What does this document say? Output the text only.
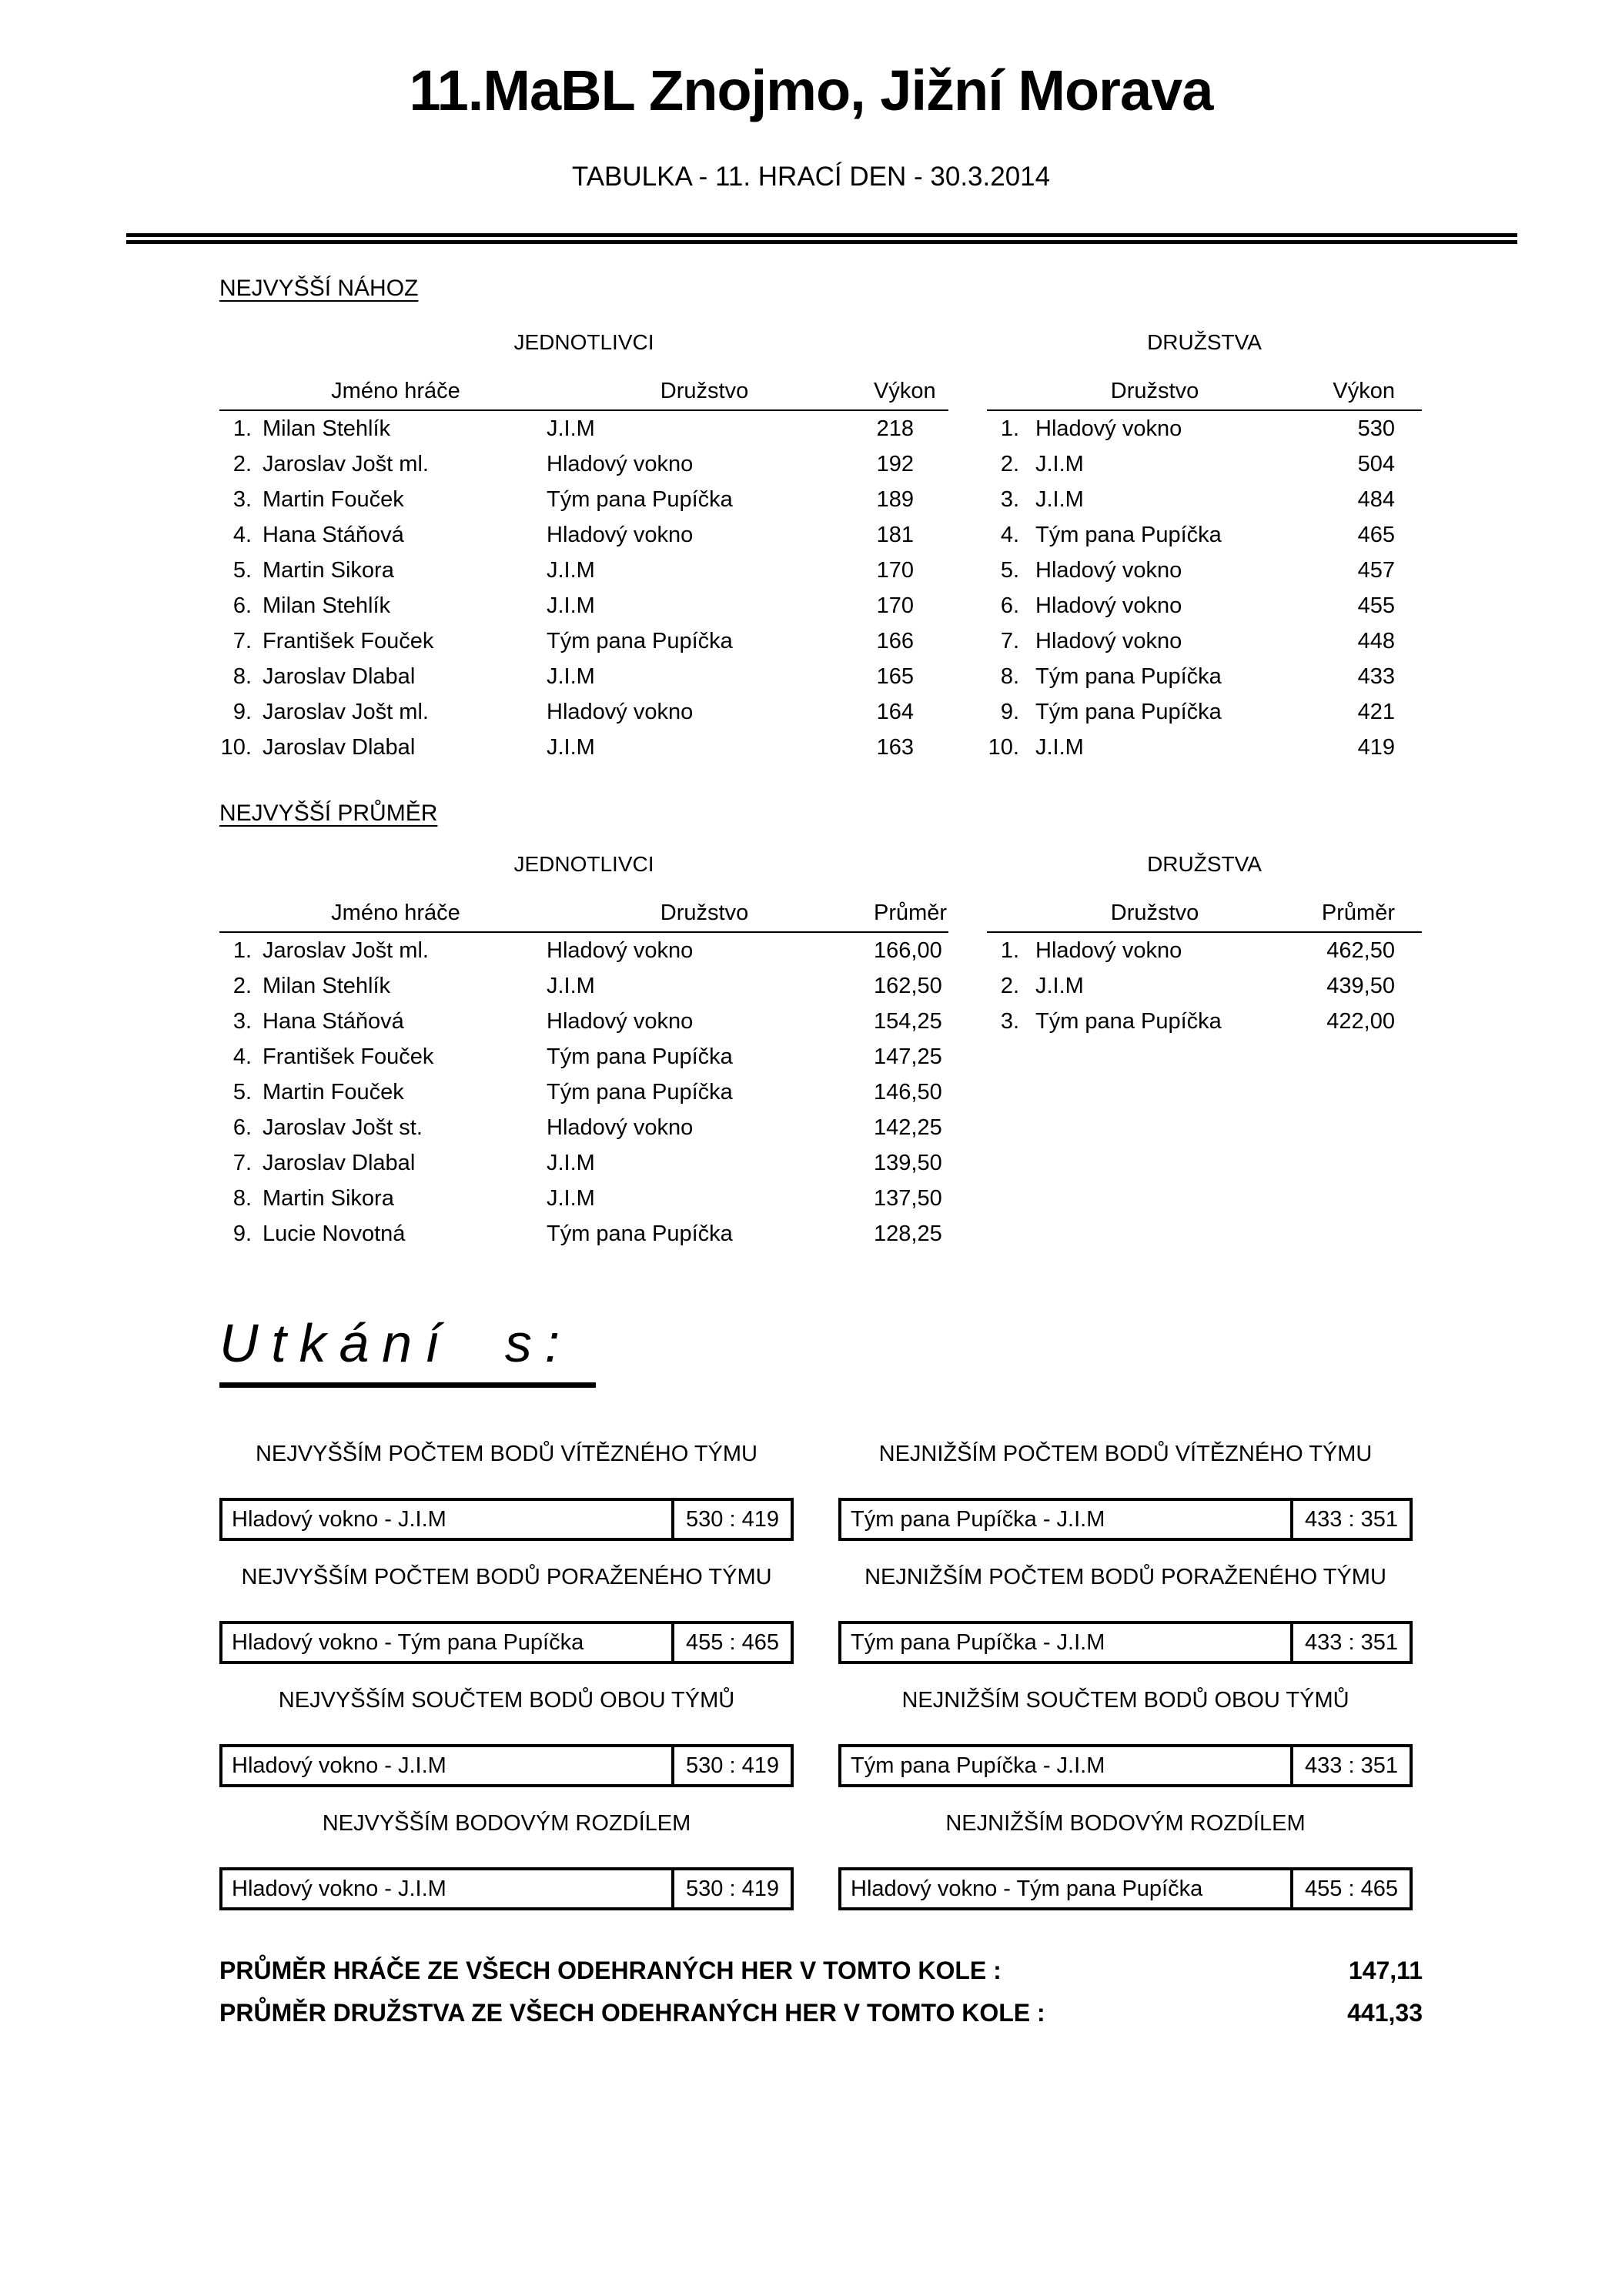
11.MaBL Znojmo, Jižní Morava
TABULKA - 11. HRACÍ DEN - 30.3.2014
NEJVYŠŠÍ NÁHOZ
JEDNOTLIVCI
	Jméno hráče	Družstvo	Výkon
1.	Milan Stehlík	J.I.M	218
2.	Jaroslav Jošt ml.	Hladový vokno	192
3.	Martin Fouček	Tým pana Pupíčka	189
4.	Hana Stáňová	Hladový vokno	181
5.	Martin Sikora	J.I.M	170
6.	Milan Stehlík	J.I.M	170
7.	František Fouček	Tým pana Pupíčka	166
8.	Jaroslav Dlabal	J.I.M	165
9.	Jaroslav Jošt ml.	Hladový vokno	164
10.	Jaroslav Dlabal	J.I.M	163
DRUŽSTVA
	Družstvo	Výkon
1.	Hladový vokno	530
2.	J.I.M	504
3.	J.I.M	484
4.	Tým pana Pupíčka	465
5.	Hladový vokno	457
6.	Hladový vokno	455
7.	Hladový vokno	448
8.	Tým pana Pupíčka	433
9.	Tým pana Pupíčka	421
10.	J.I.M	419
NEJVYŠŠÍ PRŮMĚR
JEDNOTLIVCI
	Jméno hráče	Družstvo	Průměr
1.	Jaroslav Jošt ml.	Hladový vokno	166,00
2.	Milan Stehlík	J.I.M	162,50
3.	Hana Stáňová	Hladový vokno	154,25
4.	František Fouček	Tým pana Pupíčka	147,25
5.	Martin Fouček	Tým pana Pupíčka	146,50
6.	Jaroslav Jošt st.	Hladový vokno	142,25
7.	Jaroslav Dlabal	J.I.M	139,50
8.	Martin Sikora	J.I.M	137,50
9.	Lucie Novotná	Tým pana Pupíčka	128,25
DRUŽSTVA
	Družstvo	Průměr
1.	Hladový vokno	462,50
2.	J.I.M	439,50
3.	Tým pana Pupíčka	422,00
Utkání s:
NEJVYŠŠÍM POČTEM BODŮ VÍTĚZNÉHO TÝMU
Hladový vokno - J.I.M	530 : 419
NEJNIŽŠÍM POČTEM BODŮ VÍTĚZNÉHO TÝMU
Tým pana Pupíčka - J.I.M	433 : 351
NEJVYŠŠÍM POČTEM BODŮ PORAŽENÉHO TÝMU
Hladový vokno - Tým pana Pupíčka	455 : 465
NEJNIŽŠÍM POČTEM BODŮ PORAŽENÉHO TÝMU
Tým pana Pupíčka - J.I.M	433 : 351
NEJVYŠŠÍM SOUČTEM BODŮ OBOU TÝMŮ
Hladový vokno - J.I.M	530 : 419
NEJNIŽŠÍM SOUČTEM BODŮ OBOU TÝMŮ
Tým pana Pupíčka - J.I.M	433 : 351
NEJVYŠŠÍM BODOVÝM ROZDÍLEM
Hladový vokno - J.I.M	530 : 419
NEJNIŽŠÍM BODOVÝM ROZDÍLEM
Hladový vokno - Tým pana Pupíčka	455 : 465
PRŮMĚR HRÁČE ZE VŠECH ODEHRANÝCH HER V TOMTO KOLE :	147,11
PRŮMĚR DRUŽSTVA ZE VŠECH ODEHRANÝCH HER V TOMTO KOLE :	441,33
